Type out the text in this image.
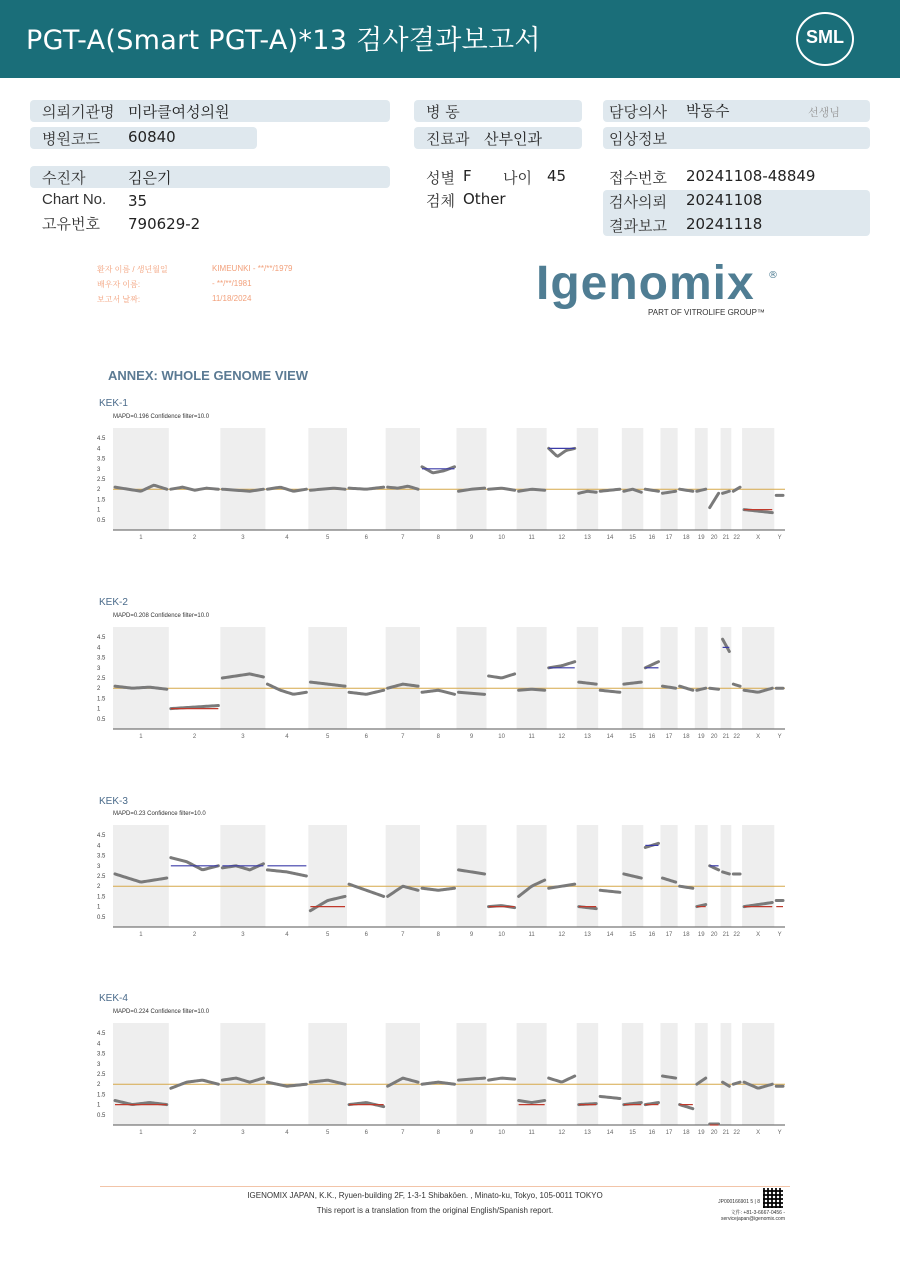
PGT-A(Smart PGT-A)*13 검사결과보고서	SML
의뢰기관명 미라클여성의원
병원코드 60840
병 동
진료과 산부인과
담당의사 박동수	선생님
임상정보
수진자	김은기
Chart No. 35
고유번호 790629-2
성별 F 나이 45
검체 Other
접수번호 20241108-48849
검사의뢰 20241108
결과보고 20241118
환자 이름 / 생년월일	KIMEUNKI - **/**/1979
배우자 이름:	- **/**/1981
보고서 날짜:	11/18/2024	Igenomix ®
PART OF VITROLIFE GROUP™
ANNEX: WHOLE GENOME VIEW
KEK-1
MAPD=0.196 Confidence filter=10.0
4.5
4
3.5
3
2.5
2
1.5
1
0.5
1	2	3	4	5	6	7	8	9	10	11	12	13	14	15 16 17 18 19 20 21 22	X	Y
KEK-2
MAPD=0.208 Confidence filter=10.0
4.5
4
3.5
3
2.5
2
1.5
1
0.5
1	2	3	4	5	6	7	8	9	10	11	12	13	14	15 16 17 18 19 20 21 22	X	Y
KEK-3
MAPD=0.23 Confidence filter=10.0
4.5
4
3.5
3
2.5
2
1.5
1
0.5
1	2	3	4	5	6	7	8	9	10	11	12	13	14	15 16 17 18 19 20 21 22	X	Y
KEK-4
MAPD=0.224 Confidence filter=10.0
4.5
4
3.5
3
2.5
2
1.5
1
0.5
1	2	3	4	5	6	7	8	9	10	11	12	13	14	15 16 17 18 19 20 21 22	X	Y
IGENOMIX JAPAN, K.K., Ryuen-building 2F, 1-3-1 Shibakōen. , Minato-ku, Tokyo, 105-0011 TOKYO
This report is a translation from the original English/Spanish report.
JP000166901 5 | 8
文件: +81-3-6667-0456 -
servicejapan@igenomix.com
